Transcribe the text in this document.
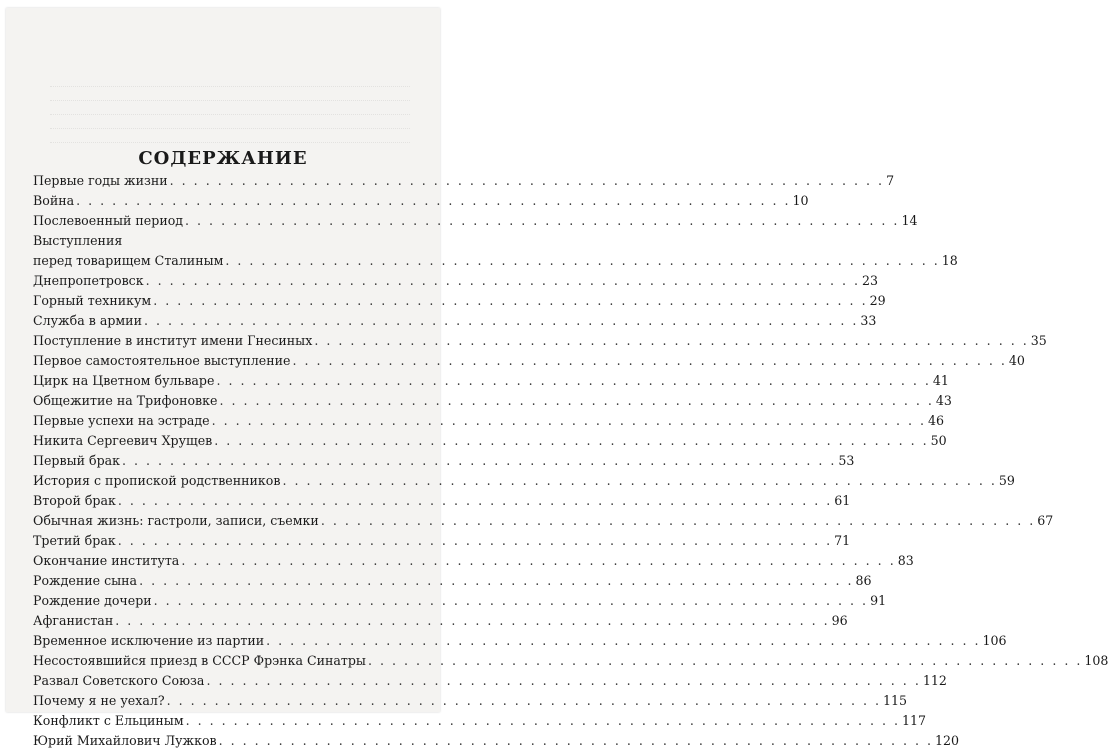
СОДЕРЖАНИЕ
Первые годы жизни . . .	7
Война . . .	10
Послевоенный период . . .	14
Выступления
перед товарищем Сталиным . . .	18
Днепропетровск . . .	23
Горный техникум . . .	29
Служба в армии . . .	33
Поступление в институт имени Гнесиных . . .	35
Первое самостоятельное выступление . . .	40
Цирк на Цветном бульваре . . .	41
Общежитие на Трифоновке . . .	43
Первые успехи на эстраде . . .	46
Никита Сергеевич Хрущев . . .	50
Первый брак . . .	53
История с пропиской родственников . . .	59
Второй брак . . .	61
Обычная жизнь: гастроли, записи, съемки . . .	67
Третий брак . . .	71
Окончание института . . .	83
Рождение сына . . .	86
Рождение дочери . . .	91
Афганистан . . .	96
Временное исключение из партии . . .	106
Несостоявшийся приезд в СССР Фрэнка Синатры . . .	108
Развал Советского Союза . . .	112
Почему я не уехал? . . .	115
Конфликт с Ельциным . . .	117
Юрий Михайлович Лужков . . .	120
